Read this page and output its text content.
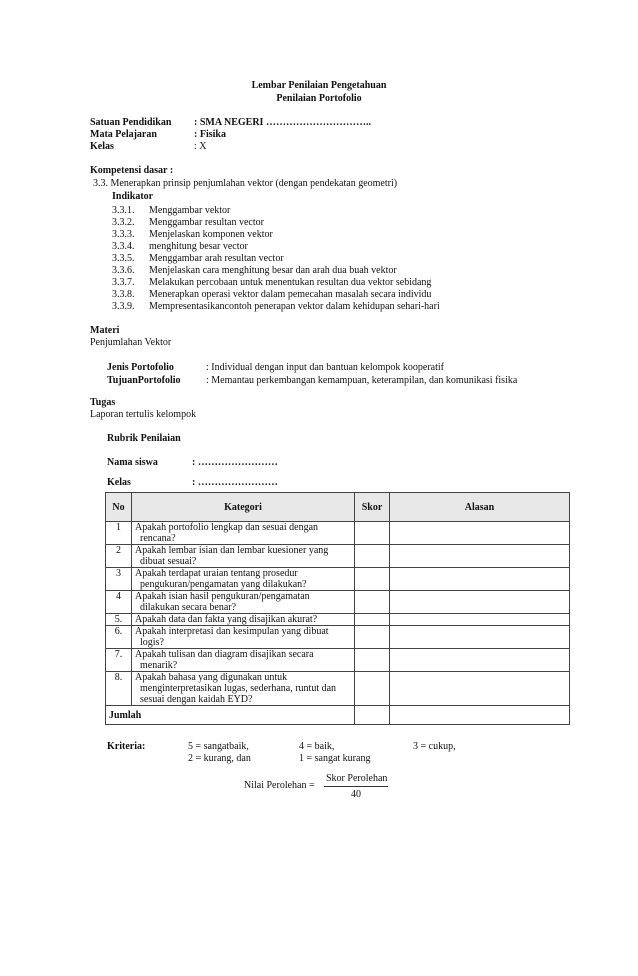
Lembar Penilaian Pengetahuan
Penilaian Portofolio
Satuan Pendidikan : SMA NEGERI …………………………..
Mata Pelajaran	: Fisika
Kelas	: X
Kompetensi dasar :
3.3. Menerapkan prinsip penjumlahan vektor (dengan pendekatan geometri)
Indikator
3.3.1. Menggambar vektor
3.3.2. Menggambar resultan vector
3.3.3. Menjelaskan komponen vektor
3.3.4. menghitung besar vector
3.3.5. Menggambar arah resultan vector
3.3.6. Menjelaskan cara menghitung besar dan arah dua buah vektor
3.3.7. Melakukan percobaan untuk menentukan resultan dua vektor sebidang
3.3.8. Menerapkan operasi vektor dalam pemecahan masalah secara individu
3.3.9. Mempresentasikancontoh penerapan vektor dalam kehidupan sehari-hari
Materi
Penjumlahan Vektor
Jenis Portofolio	: Individual dengan input dan bantuan kelompok kooperatif
TujuanPortofolio	: Memantau perkembangan kemampuan, keterampilan, dan komunikasi fisika
Tugas
Laporan tertulis kelompok
Rubrik Penilaian
Nama siswa	: ……………………
Kelas	: ……………………
No	Kategori	Skor	Alasan
1	Apakah portofolio lengkap dan sesuai dengan
rencana?		

2	Apakah lembar isian dan lembar kuesioner yang
dibuat sesuai?		

3	Apakah terdapat uraian tentang prosedur
pengukuran/pengamatan yang dilakukan?		

4	Apakah isian hasil pengukuran/pengamatan
dilakukan secara benar?		

5.	Apakah data dan fakta yang disajikan akurat?		

6.	Apakah interpretasi dan kesimpulan yang dibuat
logis?		

7.	Apakah tulisan dan diagram disajikan secara
menarik?		

8.	Apakah bahasa yang digunakan untuk
menginterpretasikan lugas, sederhana, runtut dan
sesuai dengan kaidah EYD?		

Jumlah			
Kriteria:	5 = sangatbaik,	4 = baik,	3 = cukup,
2 = kurang, dan	1 = sangat kurang
Skor Perolehan
Nilai Perolehan =
40
